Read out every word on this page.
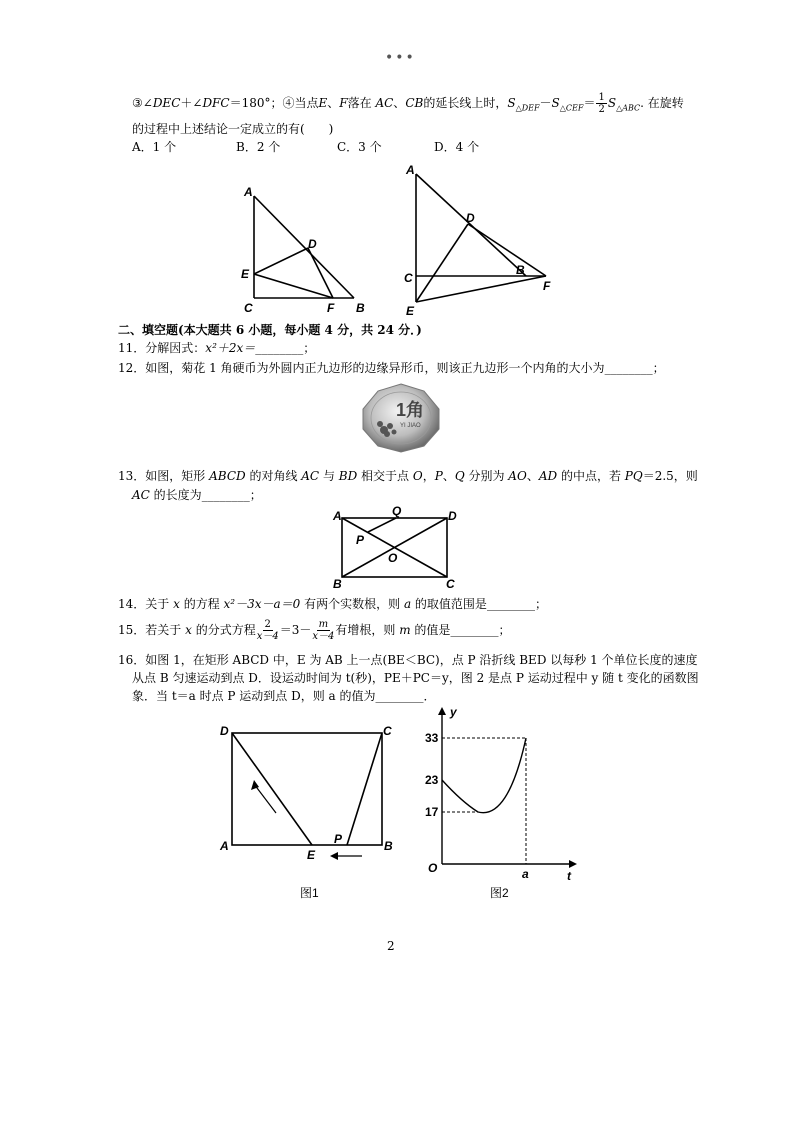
•••
③∠DEC＋∠DFC＝180°；④当点E、F落在 AC、CB的延长线上时，$S_{\triangle DEF}-S_{\triangle CEF}= \frac{1}{2} S_{\triangle ABC}$. 在旋转
的过程中上述结论一定成立的有(　　)
A．1 个	B．2 个	C．3 个	D．4 个
A
D
E
C	F B
A
D
C
B
F
E
二、填空题(本大题共 6 小题，每小题 4 分，共 24 分．)
11．分解因式：x²＋2x＝________；
12．如图，菊花 1 角硬币为外圆内正九边形的边缘异形币，则该正九边形一个内角的大小为________；
1角
YI JIAO
13．如图，矩形 ABCD 的对角线 AC 与 BD 相交于点 O，P、Q 分别为 AO、AD 的中点，若 PQ＝2.5，则
AC 的长度为________；
A	Q	D
P
O
B	C
14．关于 x 的方程 x²－3x－a＝0 有两个实数根，则 a 的取值范围是________；
15．若关于 x 的分式方程 $\frac{2}{x-4} =3- \frac{m}{x-4}$ 有增根，则 m 的值是________；
16．如图 1，在矩形 ABCD 中，E 为 AB 上一点(BE＜BC)，点 P 沿折线 BED 以每秒 1 个单位长度的速度
从点 B 匀速运动到点 D．设运动时间为 t(秒)，PE＋PC＝y，图 2 是点 P 运动过程中 y 随 t 变化的函数图
象．当 t＝a 时点 P 运动到点 D，则 a 的值为________．
D	C
A
E
P	B
图1
y
t
O	a
33
23
17
图2
2
